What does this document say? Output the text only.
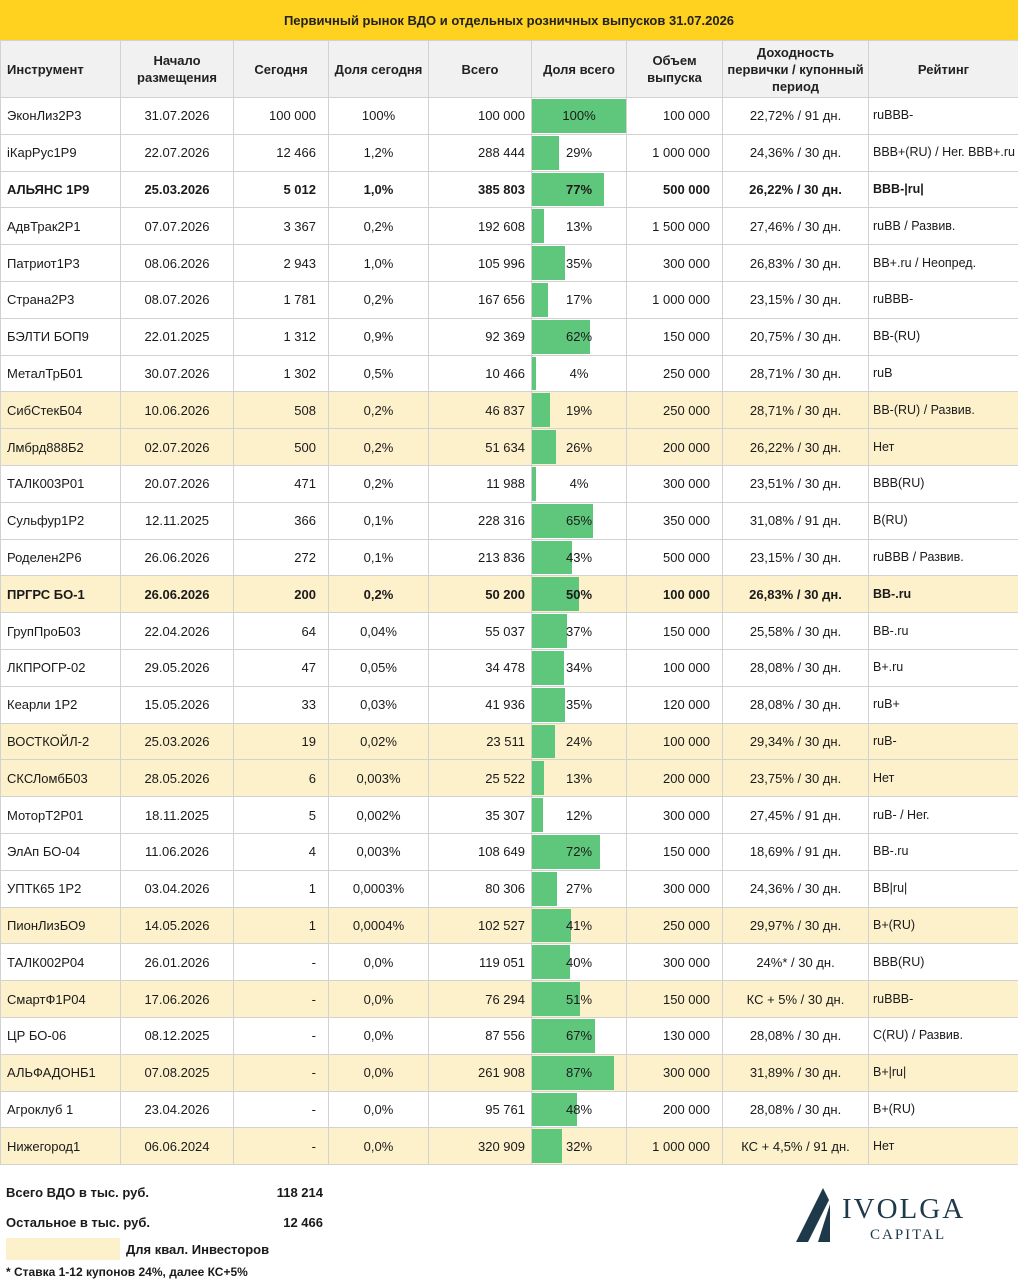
Первичный рынок ВДО и отдельных розничных выпусков 31.07.2026
Инструмент	Начало размещения	Сегодня	Доля сегодня	Всего	Доля всего	Объем выпуска	Доходность первички / купонный период	Рейтинг
ЭконЛиз2Р3	31.07.2026	100 000	100%	100 000	100%	100 000	22,72% / 91 дн.	ruBBB-
iКарРус1Р9	22.07.2026	12 466	1,2%	288 444	29%	1 000 000	24,36% / 30 дн.	BBB+(RU) / Нег. BBB+.ru
АЛЬЯНС 1Р9	25.03.2026	5 012	1,0%	385 803	77%	500 000	26,22% / 30 дн.	BBB-|ru|
АдвТрак2Р1	07.07.2026	3 367	0,2%	192 608	13%	1 500 000	27,46% / 30 дн.	ruBB / Развив.
Патриот1Р3	08.06.2026	2 943	1,0%	105 996	35%	300 000	26,83% / 30 дн.	BB+.ru / Неопред.
Страна2Р3	08.07.2026	1 781	0,2%	167 656	17%	1 000 000	23,15% / 30 дн.	ruBBB-
БЭЛТИ БОП9	22.01.2025	1 312	0,9%	92 369	62%	150 000	20,75% / 30 дн.	BB-(RU)
МеталТрБ01	30.07.2026	1 302	0,5%	10 466	4%	250 000	28,71% / 30 дн.	ruB
СибСтекБ04	10.06.2026	508	0,2%	46 837	19%	250 000	28,71% / 30 дн.	BB-(RU) / Развив.
Лмбрд888Б2	02.07.2026	500	0,2%	51 634	26%	200 000	26,22% / 30 дн.	Нет
ТАЛК003Р01	20.07.2026	471	0,2%	11 988	4%	300 000	23,51% / 30 дн.	BBB(RU)
Сульфур1Р2	12.11.2025	366	0,1%	228 316	65%	350 000	31,08% / 91 дн.	B(RU)
Роделен2Р6	26.06.2026	272	0,1%	213 836	43%	500 000	23,15% / 30 дн.	ruBBB / Развив.
ПРГРС БО-1	26.06.2026	200	0,2%	50 200	50%	100 000	26,83% / 30 дн.	BB-.ru
ГрупПроБ03	22.04.2026	64	0,04%	55 037	37%	150 000	25,58% / 30 дн.	BB-.ru
ЛКПРОГР-02	29.05.2026	47	0,05%	34 478	34%	100 000	28,08% / 30 дн.	B+.ru
Кеарли 1Р2	15.05.2026	33	0,03%	41 936	35%	120 000	28,08% / 30 дн.	ruB+
ВОСТКОЙЛ-2	25.03.2026	19	0,02%	23 511	24%	100 000	29,34% / 30 дн.	ruB-
СКСЛомбБ03	28.05.2026	6	0,003%	25 522	13%	200 000	23,75% / 30 дн.	Нет
МоторТ2Р01	18.11.2025	5	0,002%	35 307	12%	300 000	27,45% / 91 дн.	ruB- / Нег.
ЭлАп БО-04	11.06.2026	4	0,003%	108 649	72%	150 000	18,69% / 91 дн.	BB-.ru
УПТК65 1Р2	03.04.2026	1	0,0003%	80 306	27%	300 000	24,36% / 30 дн.	BB|ru|
ПионЛизБО9	14.05.2026	1	0,0004%	102 527	41%	250 000	29,97% / 30 дн.	B+(RU)
ТАЛК002Р04	26.01.2026	-	0,0%	119 051	40%	300 000	24%* / 30 дн.	BBB(RU)
СмартФ1Р04	17.06.2026	-	0,0%	76 294	51%	150 000	КС + 5% / 30 дн.	ruBBB-
ЦР БО-06	08.12.2025	-	0,0%	87 556	67%	130 000	28,08% / 30 дн.	C(RU) / Развив.
АЛЬФАДОНБ1	07.08.2025	-	0,0%	261 908	87%	300 000	31,89% / 30 дн.	B+|ru|
Агроклуб 1	23.04.2026	-	0,0%	95 761	48%	200 000	28,08% / 30 дн.	B+(RU)
Нижегород1	06.06.2024	-	0,0%	320 909	32%	1 000 000	КС + 4,5% / 91 дн.	Нет
Всего ВДО в тыс. руб.	118 214
Остальное в тыс. руб.	12 466
Для квал. Инвесторов
* Ставка 1-12 купонов 24%, далее КС+5%
IVOLGA
CAPITAL
